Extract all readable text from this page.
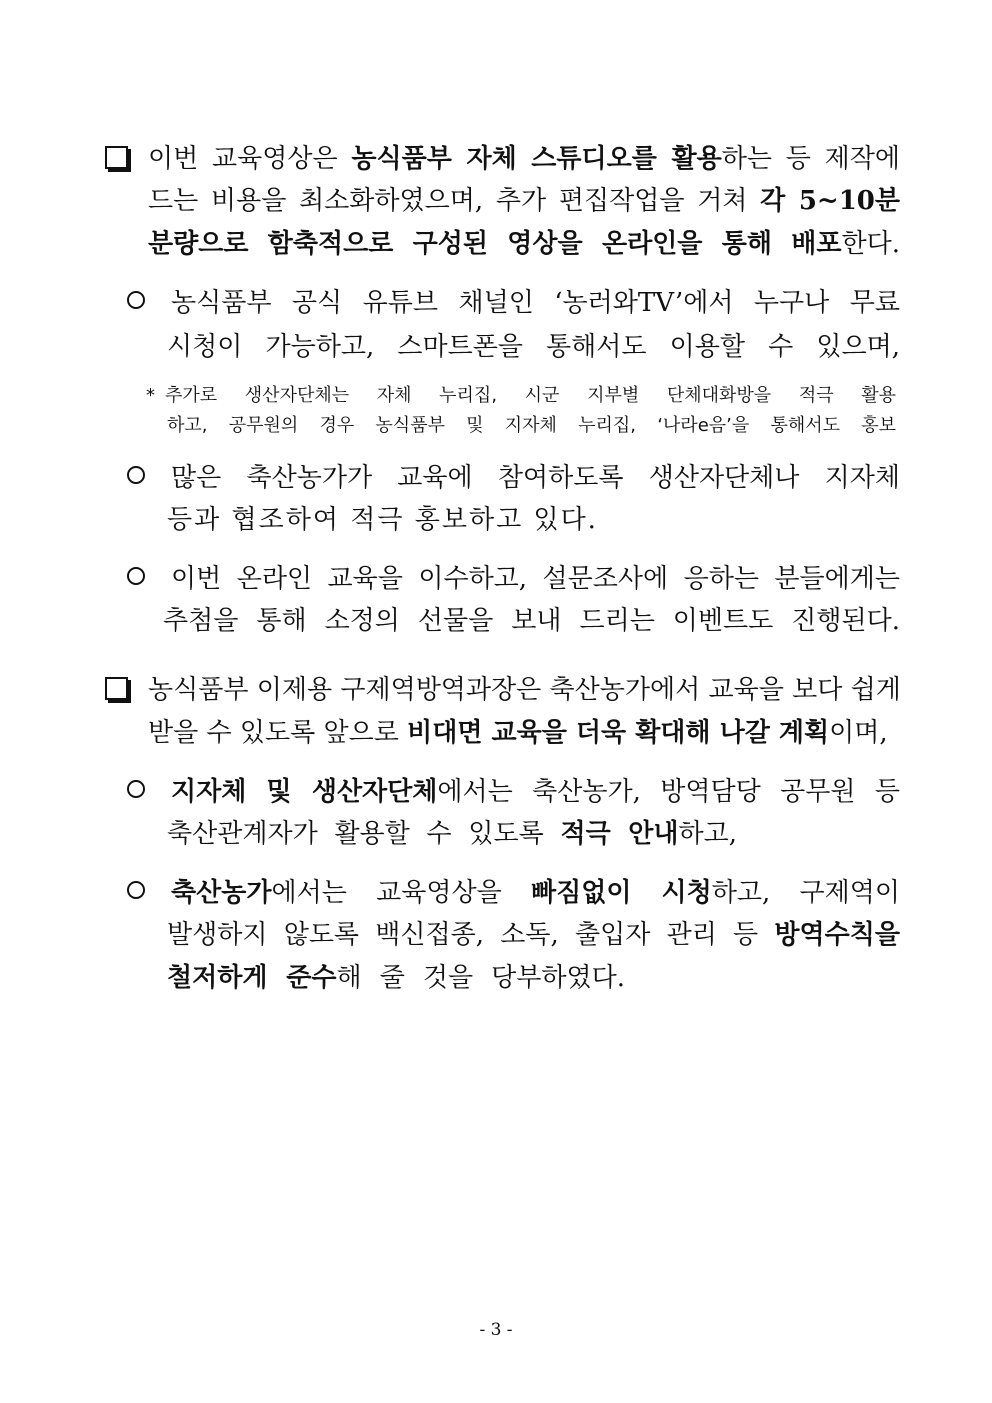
이번 교육영상은 농식품부 자체 스튜디오를 활용하는 등 제작에
드는 비용을 최소화하였으며, 추가 편집작업을 거쳐 각 5~10분
분량으로 함축적으로 구성된 영상을 온라인을 통해 배포한다.
농식품부 공식 유튜브 채널인 ‘농러와TV’에서 누구나 무료
시청이 가능하고, 스마트폰을 통해서도 이용할 수 있으며,
* 추가로 생산자단체는 자체 누리집, 시군 지부별 단체대화방을 적극 활용
하고, 공무원의 경우 농식품부 및 지자체 누리집, ‘나라e음’을 통해서도 홍보
많은 축산농가가 교육에 참여하도록 생산자단체나 지자체
등과 협조하여 적극 홍보하고 있다.
이번 온라인 교육을 이수하고, 설문조사에 응하는 분들에게는
추첨을 통해 소정의 선물을 보내 드리는 이벤트도 진행된다.
농식품부 이제용 구제역방역과장은 축산농가에서 교육을 보다 쉽게
받을 수 있도록 앞으로 비대면 교육을 더욱 확대해 나갈 계획이며,
지자체 및 생산자단체에서는 축산농가, 방역담당 공무원 등
축산관계자가 활용할 수 있도록 적극 안내하고,
축산농가에서는 교육영상을 빠짐없이 시청하고, 구제역이
발생하지 않도록 백신접종, 소독, 출입자 관리 등 방역수칙을
철저하게 준수해 줄 것을 당부하였다.
- 3 -
